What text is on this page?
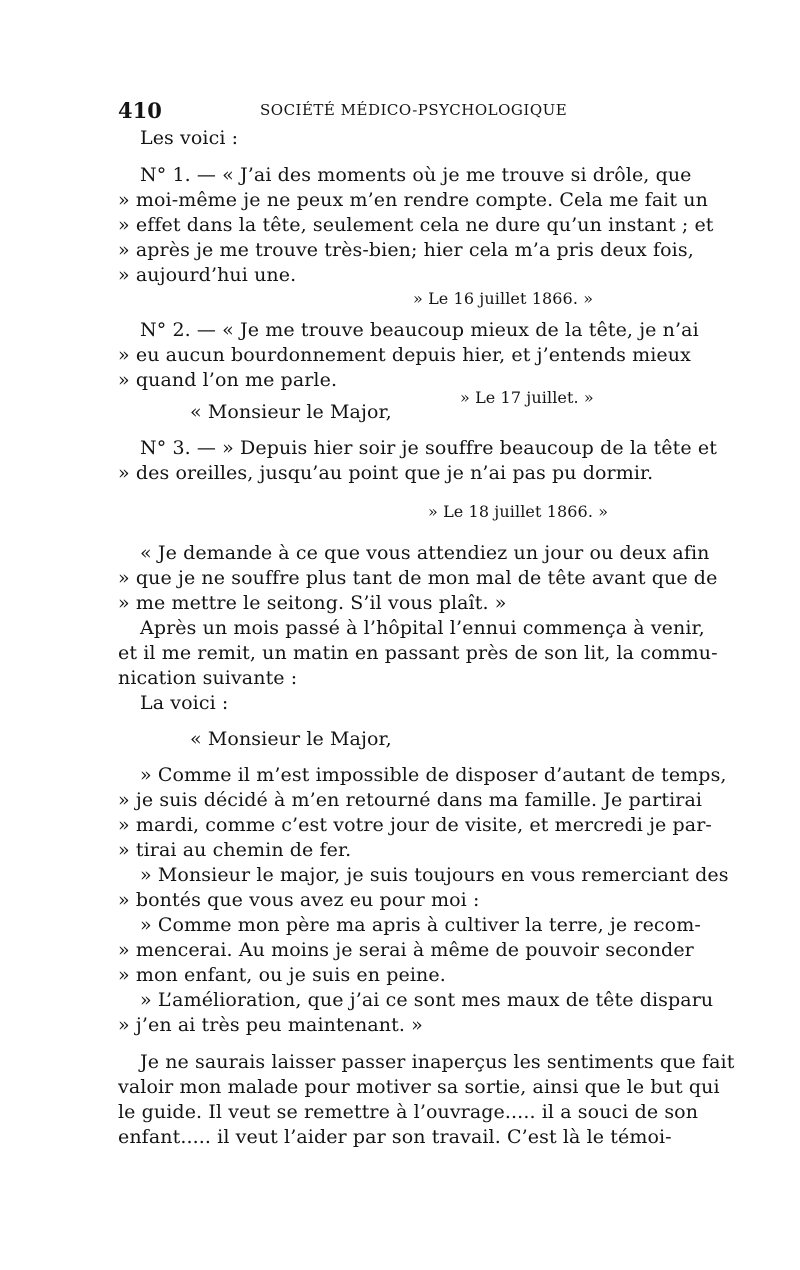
410	SOCIÉTÉ MÉDICO-PSYCHOLOGIQUE
Les voici :
N° 1. — « J’ai des moments où je me trouve si drôle, que
» moi-même je ne peux m’en rendre compte. Cela me fait un
» effet dans la tête, seulement cela ne dure qu’un instant ; et
» après je me trouve très-bien; hier cela m’a pris deux fois,
» aujourd’hui une.
» Le 16 juillet 1866. »
N° 2. — « Je me trouve beaucoup mieux de la tête, je n’ai
» eu aucun bourdonnement depuis hier, et j’entends mieux
» quand l’on me parle.
» Le 17 juillet. »
« Monsieur le Major,
N° 3. — » Depuis hier soir je souffre beaucoup de la tête et
» des oreilles, jusqu’au point que je n’ai pas pu dormir.
» Le 18 juillet 1866. »
« Je demande à ce que vous attendiez un jour ou deux afin
» que je ne souffre plus tant de mon mal de tête avant que de
» me mettre le seitong. S’il vous plaît. »
Après un mois passé à l’hôpital l’ennui commença à venir,
et il me remit, un matin en passant près de son lit, la commu-
nication suivante :
La voici :
« Monsieur le Major,
» Comme il m’est impossible de disposer d’autant de temps,
» je suis décidé à m’en retourné dans ma famille. Je partirai
» mardi, comme c’est votre jour de visite, et mercredi je par-
» tirai au chemin de fer.
» Monsieur le major, je suis toujours en vous remerciant des
» bontés que vous avez eu pour moi :
» Comme mon père ma apris à cultiver la terre, je recom-
» mencerai. Au moins je serai à même de pouvoir seconder
» mon enfant, ou je suis en peine.
» L’amélioration, que j’ai ce sont mes maux de tête disparu
» j’en ai très peu maintenant. »
Je ne saurais laisser passer inaperçus les sentiments que fait
valoir mon malade pour motiver sa sortie, ainsi que le but qui
le guide. Il veut se remettre à l’ouvrage..... il a souci de son
enfant..... il veut l’aider par son travail. C’est là le témoi-
